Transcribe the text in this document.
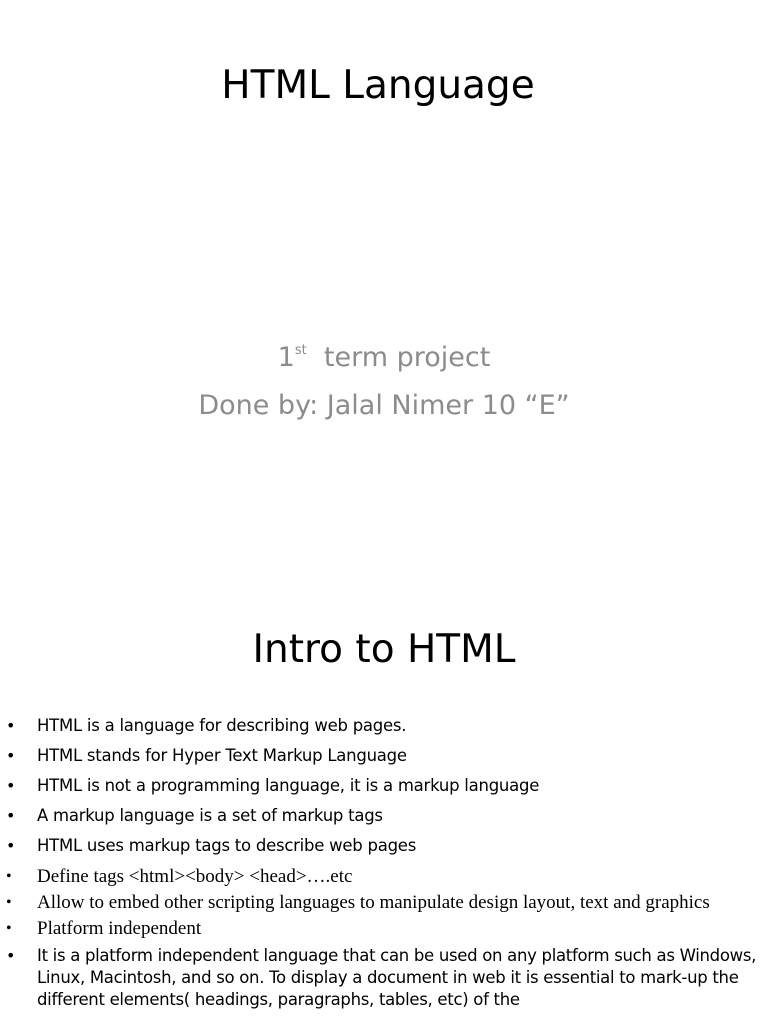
HTML Language
1st  term project
Done by: Jalal Nimer 10 “E”
Intro to HTML
• HTML is a language for describing web pages.
• HTML stands for Hyper Text Markup Language
• HTML is not a programming language, it is a markup language
• A markup language is a set of markup tags
• HTML uses markup tags to describe web pages
• Define tags <html><body> <head>….etc
• Allow to embed other scripting languages to manipulate design layout, text and graphics
• Platform independent
• It is a platform independent language that can be used on any platform such as Windows, Linux, Macintosh, and so on. To display a document in web it is essential to mark-up the different elements( headings, paragraphs, tables, etc) of the
